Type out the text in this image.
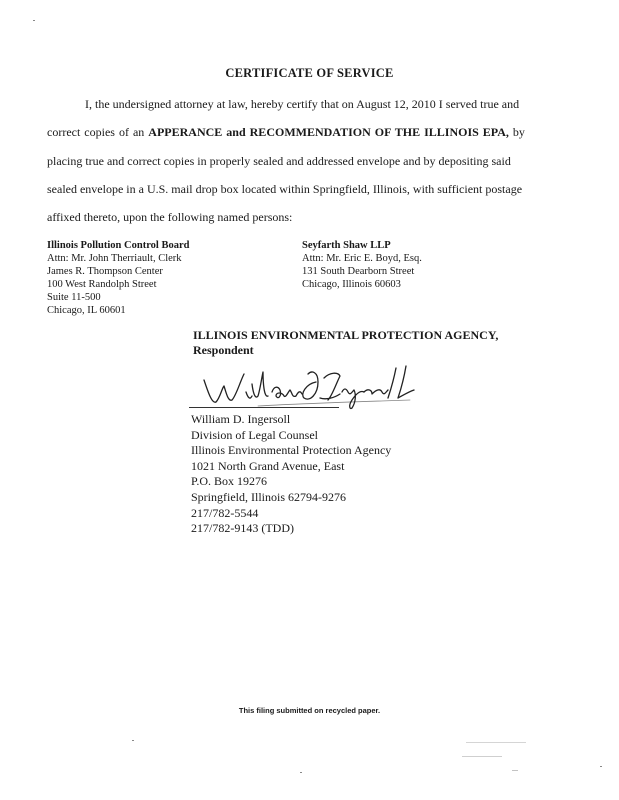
CERTIFICATE OF SERVICE
I, the undersigned attorney at law, hereby certify that on August 12, 2010 I served true and
correct copies of an APPERANCE and RECOMMENDATION OF THE ILLINOIS EPA, by
placing true and correct copies in properly sealed and addressed envelope and by depositing said
sealed envelope in a U.S. mail drop box located within Springfield, Illinois, with sufficient postage
affixed thereto, upon the following named persons:
Illinois Pollution Control Board
Attn: Mr. John Therriault, Clerk
James R. Thompson Center
100 West Randolph Street
Suite 11-500
Chicago, IL 60601
Seyfarth Shaw LLP
Attn: Mr. Eric E. Boyd, Esq.
131 South Dearborn Street
Chicago, Illinois 60603
ILLINOIS ENVIRONMENTAL PROTECTION AGENCY,
Respondent
William D. Ingersoll
Division of Legal Counsel
Illinois Environmental Protection Agency
1021 North Grand Avenue, East
P.O. Box 19276
Springfield, Illinois 62794-9276
217/782-5544
217/782-9143 (TDD)
This filing submitted on recycled paper.
